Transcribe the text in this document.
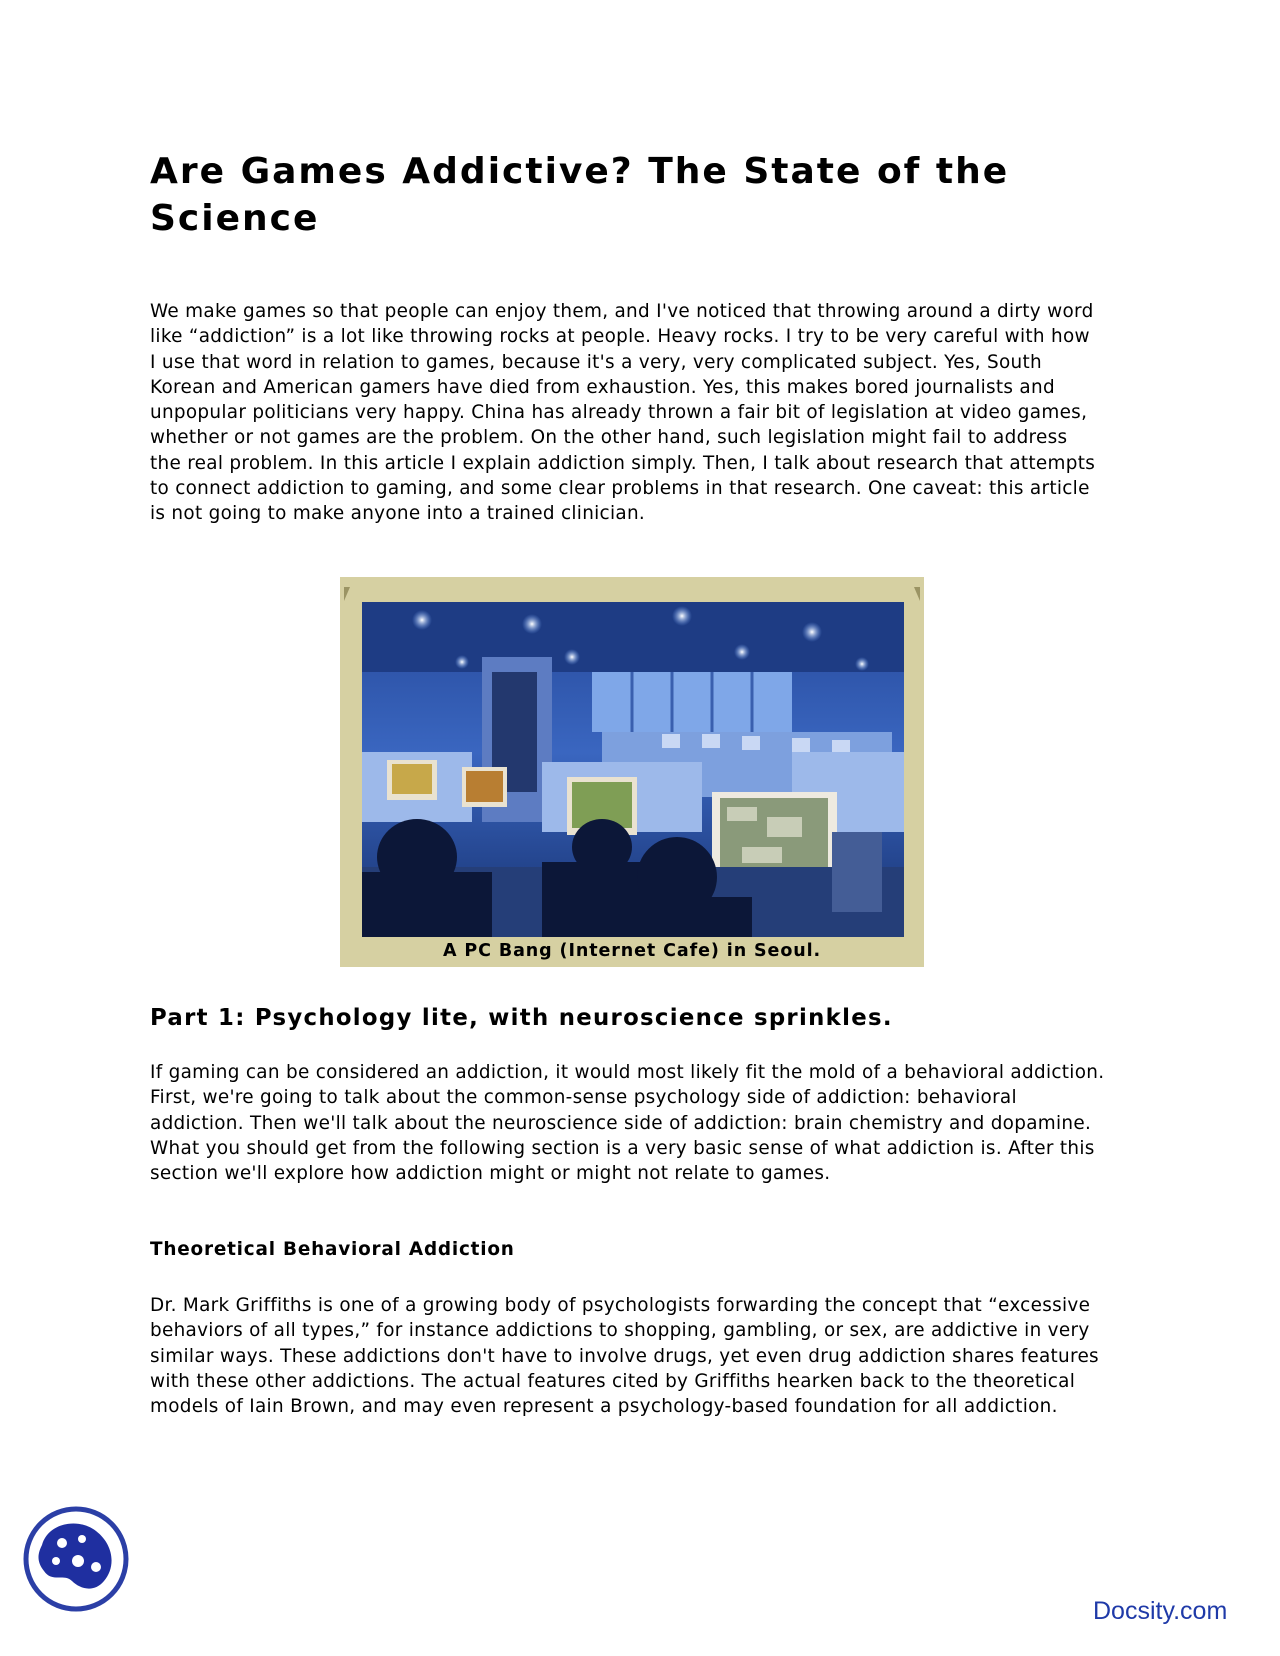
Are Games Addictive? The State of the Science

We make games so that people can enjoy them, and I've noticed that throwing around a dirty word like “addiction” is a lot like throwing rocks at people. Heavy rocks. I try to be very careful with how I use that word in relation to games, because it's a very, very complicated subject. Yes, South Korean and American gamers have died from exhaustion. Yes, this makes bored journalists and unpopular politicians very happy. China has already thrown a fair bit of legislation at video games, whether or not games are the problem. On the other hand, such legislation might fail to address the real problem. In this article I explain addiction simply. Then, I talk about research that attempts to connect addiction to gaming, and some clear problems in that research. One caveat: this article is not going to make anyone into a trained clinician.

A PC Bang (Internet Cafe) in Seoul.
Part 1: Psychology lite, with neuroscience sprinkles.

If gaming can be considered an addiction, it would most likely fit the mold of a behavioral addiction. First, we're going to talk about the common-sense psychology side of addiction: behavioral addiction. Then we'll talk about the neuroscience side of addiction: brain chemistry and dopamine. What you should get from the following section is a very basic sense of what addiction is. After this section we'll explore how addiction might or might not relate to games.

Theoretical Behavioral Addiction

Dr. Mark Griffiths is one of a growing body of psychologists forwarding the concept that “excessive behaviors of all types,” for instance addictions to shopping, gambling, or sex, are addictive in very similar ways. These addictions don't have to involve drugs, yet even drug addiction shares features with these other addictions. The actual features cited by Griffiths hearken back to the theoretical models of Iain Brown, and may even represent a psychology-based foundation for all addiction.

Docsity.com
